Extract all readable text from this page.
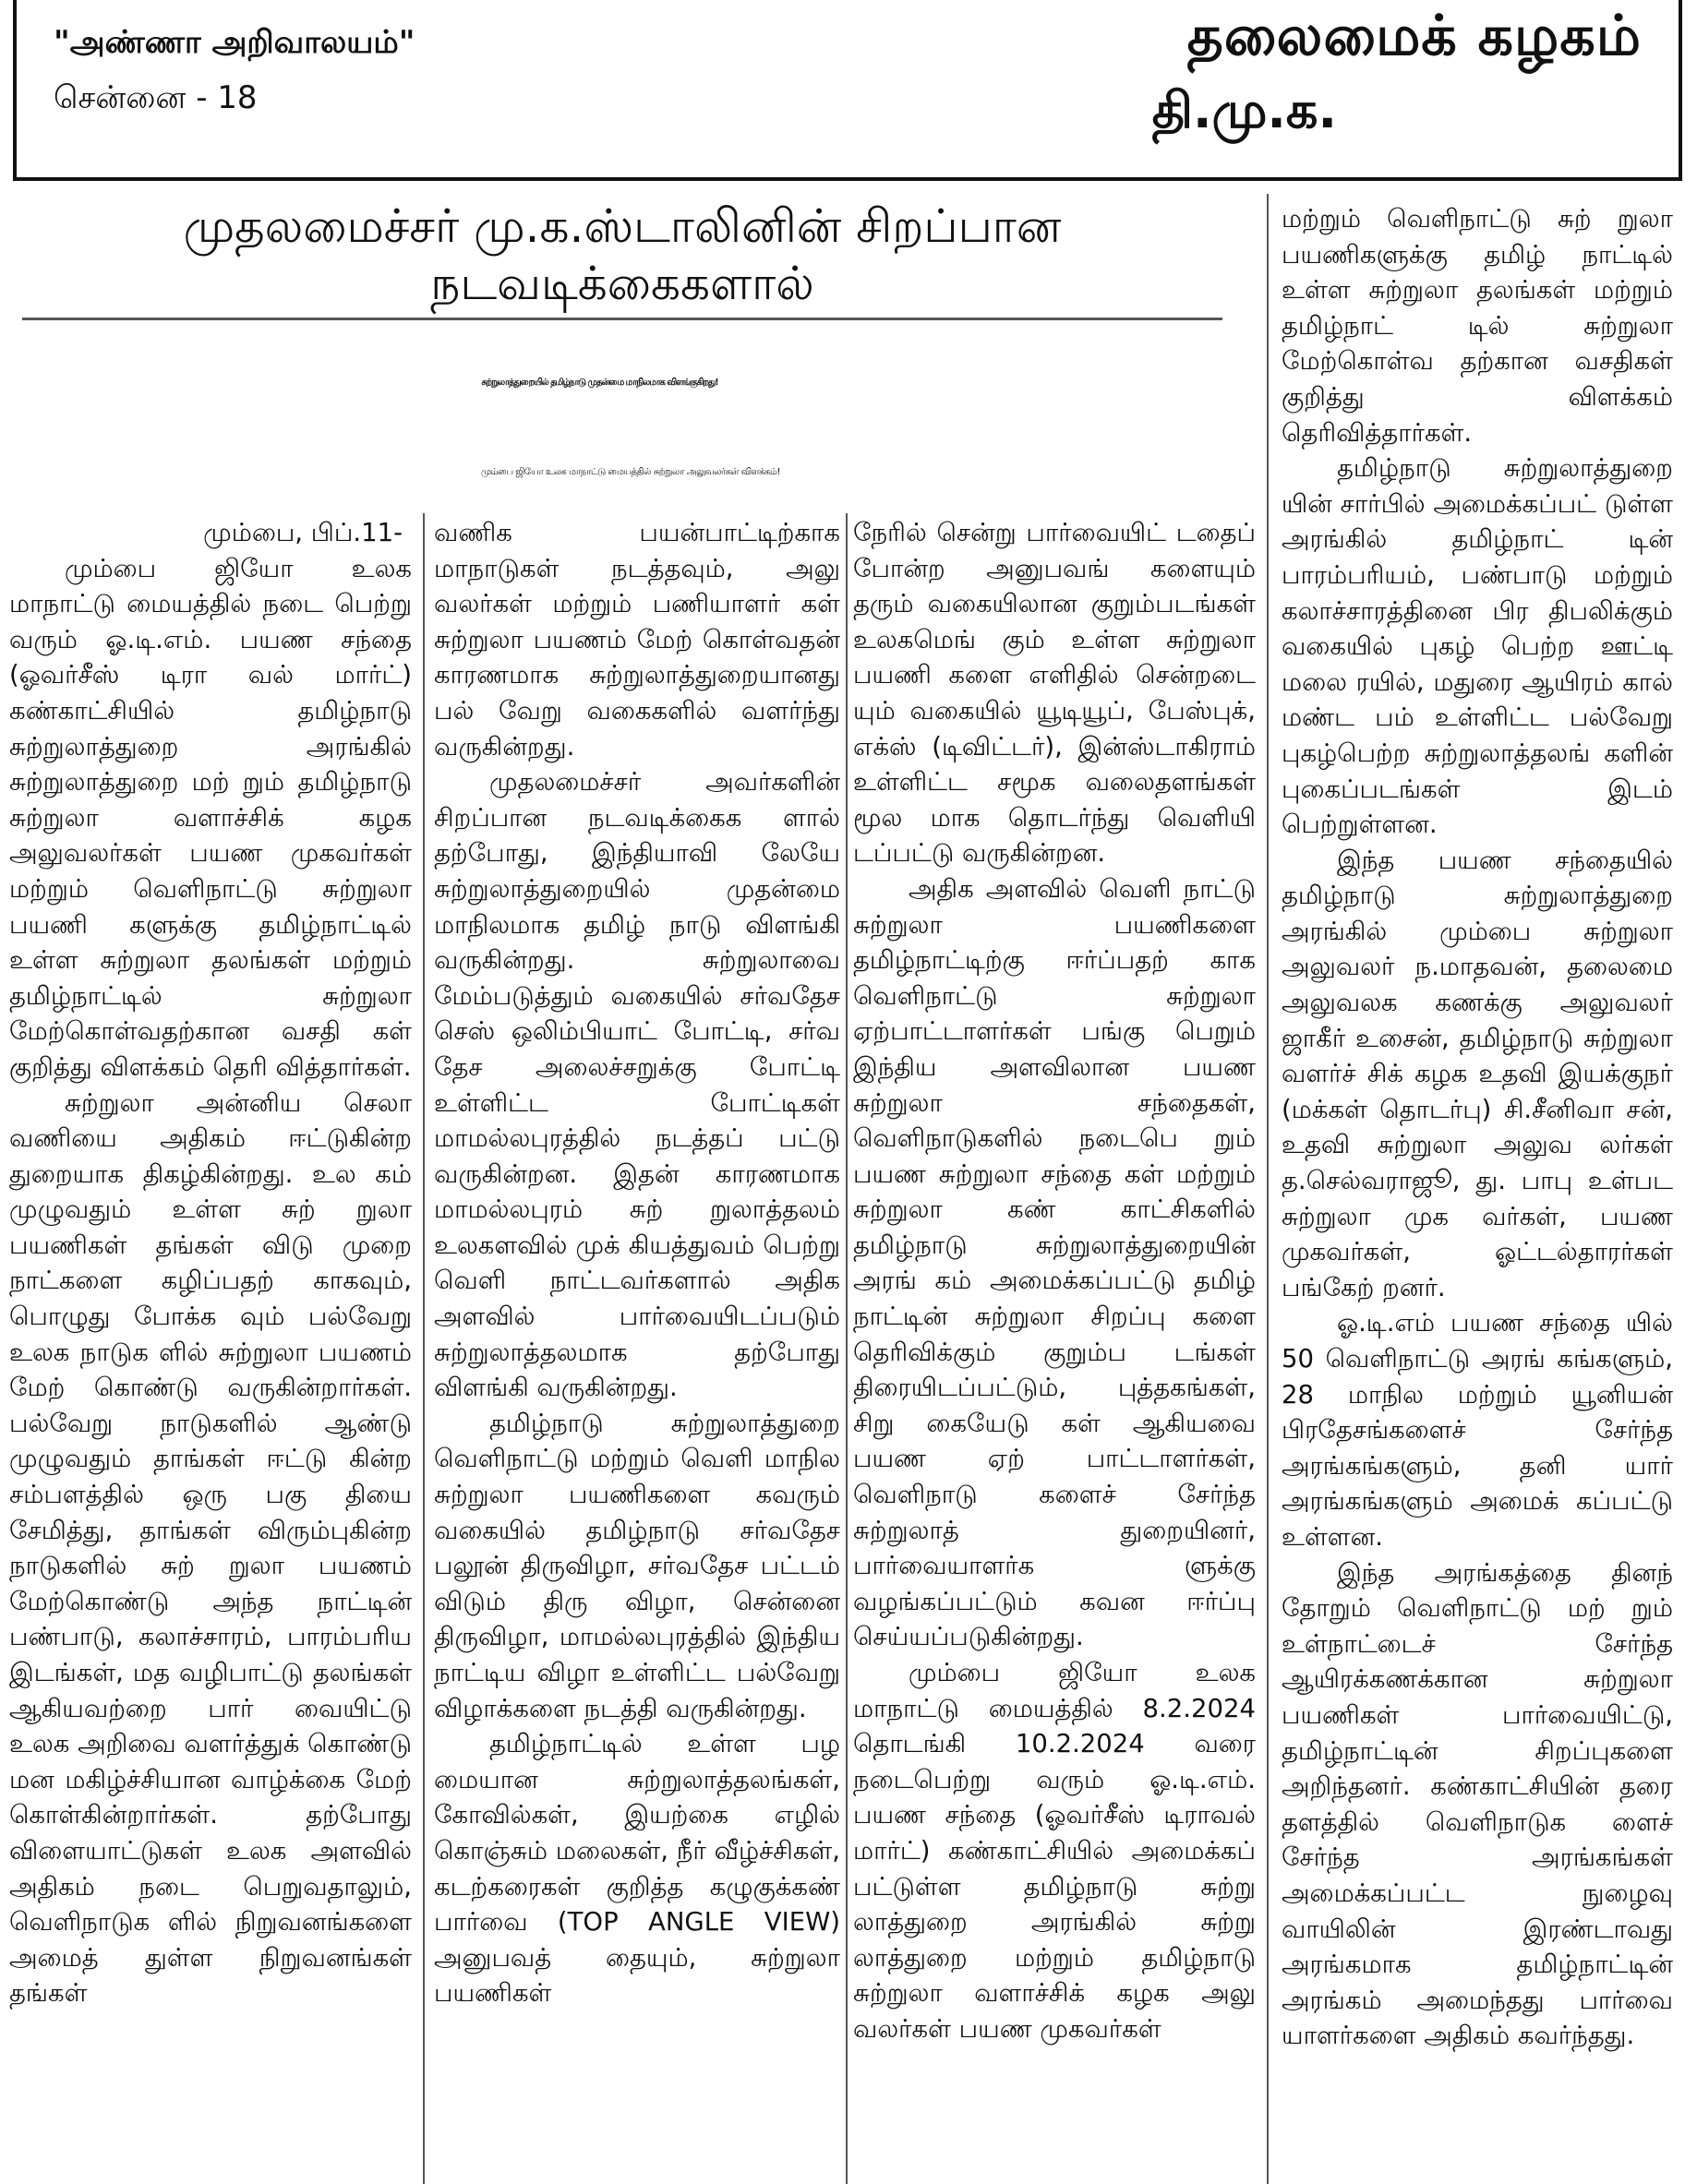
"அண்ணா அறிவாலயம்"
சென்னை - 18
தலைமைக் கழகம்
தி.மு.க.
முதலமைச்சர் மு.க.ஸ்டாலினின் சிறப்பான நடவடிக்கைகளால்
சுற்றுலாத்துறையில் தமிழ்நாடு முதன்மை மாநிலமாக விளங்குகிறது!
மும்பை ஜியோ உலக மாநாட்டு மையத்தில் சுற்றுலா அலுவலர்கள் விளக்கம்!

மும்பை, பிப்.11-

மும்பை ஜியோ உலக மாநாட்டு மையத்தில் நடை பெற்று வரும் ஓ.டி.எம். பயண சந்தை (ஓவர்சீஸ் டிரா வல் மார்ட்) கண்காட்சியில் தமிழ்நாடு சுற்றுலாத்துறை அரங்கில் சுற்றுலாத்துறை மற் றும் தமிழ்நாடு சுற்றுலா வளாச்சிக் கழக அலுவலர்கள் பயண முகவர்கள் மற்றும் வெளிநாட்டு சுற்றுலா பயணி களுக்கு தமிழ்நாட்டில் உள்ள சுற்றுலா தலங்கள் மற்றும் தமிழ்நாட்டில் சுற்றுலா மேற்கொள்வதற்கான வசதி கள் குறித்து விளக்கம் தெரி வித்தார்கள்.

சுற்றுலா அன்னிய செலா வணியை அதிகம் ஈட்டுகின்ற துறையாக திகழ்கின்றது. உல கம் முழுவதும் உள்ள சுற் றுலா பயணிகள் தங்கள் விடு முறை நாட்களை கழிப்பதற் காகவும், பொழுது போக்க வும் பல்வேறு உலக நாடுக ளில் சுற்றுலா பயணம் மேற் கொண்டு வருகின்றார்கள். பல்வேறு நாடுகளில் ஆண்டு முழுவதும் தாங்கள் ஈட்டு கின்ற சம்பளத்தில் ஒரு பகு தியை சேமித்து, தாங்கள் விரும்புகின்ற நாடுகளில் சுற் றுலா பயணம் மேற்கொண்டு அந்த நாட்டின் பண்பாடு, கலாச்சாரம், பாரம்பரிய இடங்கள், மத வழிபாட்டு தலங்கள் ஆகியவற்றை பார் வையிட்டு உலக அறிவை வளர்த்துக் கொண்டு மன மகிழ்ச்சியான வாழ்க்கை மேற் கொள்கின்றார்கள். தற்போது விளையாட்டுகள் உலக அளவில் அதிகம் நடை பெறுவதாலும், வெளிநாடுக ளில் நிறுவனங்களை அமைத் துள்ள நிறுவனங்கள் தங்கள்

வணிக பயன்பாட்டிற்காக மாநாடுகள் நடத்தவும், அலு வலர்கள் மற்றும் பணியாளர் கள் சுற்றுலா பயணம் மேற் கொள்வதன் காரணமாக சுற்றுலாத்துறையானது பல் வேறு வகைகளில் வளர்ந்து வருகின்றது.

முதலமைச்சர் அவர்களின் சிறப்பான நடவடிக்கைக ளால் தற்போது, இந்தியாவி லேயே சுற்றுலாத்துறையில் முதன்மை மாநிலமாக தமிழ் நாடு விளங்கி வருகின்றது. சுற்றுலாவை மேம்படுத்தும் வகையில் சர்வதேச செஸ் ஒலிம்பியாட் போட்டி, சர்வ தேச அலைச்சறுக்கு போட்டி உள்ளிட்ட போட்டிகள் மாமல்லபுரத்தில் நடத்தப் பட்டு வருகின்றன. இதன் காரணமாக மாமல்லபுரம் சுற் றுலாத்தலம் உலகளவில் முக் கியத்துவம் பெற்று வெளி நாட்டவர்களால் அதிக அளவில் பார்வையிடப்படும் சுற்றுலாத்தலமாக தற்போது விளங்கி வருகின்றது.

தமிழ்நாடு சுற்றுலாத்துறை வெளிநாட்டு மற்றும் வெளி மாநில சுற்றுலா பயணிகளை கவரும் வகையில் தமிழ்நாடு சர்வதேச பலூன் திருவிழா, சர்வதேச பட்டம் விடும் திரு விழா, சென்னை திருவிழா, மாமல்லபுரத்தில் இந்திய நாட்டிய விழா உள்ளிட்ட பல்வேறு விழாக்களை நடத்தி வருகின்றது.

தமிழ்நாட்டில் உள்ள பழ மையான சுற்றுலாத்தலங்கள், கோவில்கள், இயற்கை எழில் கொஞ்சும் மலைகள், நீர் வீழ்ச்சிகள், கடற்கரைகள் குறித்த கழுகுக்கண் பார்வை (TOP ANGLE VIEW) அனுபவத் தையும், சுற்றுலா பயணிகள்

நேரில் சென்று பார்வையிட் டதைப் போன்ற அனுபவங் களையும் தரும் வகையிலான குறும்படங்கள் உலகமெங் கும் உள்ள சுற்றுலா பயணி களை எளிதில் சென்றடை யும் வகையில் யூடியூப், பேஸ்புக், எக்ஸ் (டிவிட்டர்), இன்ஸ்டாகிராம் உள்ளிட்ட சமூக வலைதளங்கள் மூல மாக தொடர்ந்து வெளியி டப்பட்டு வருகின்றன.

அதிக அளவில் வெளி நாட்டு சுற்றுலா பயணிகளை தமிழ்நாட்டிற்கு ஈர்ப்பதற் காக வெளிநாட்டு சுற்றுலா ஏற்பாட்டாளர்கள் பங்கு பெறும் இந்திய அளவிலான பயண சுற்றுலா சந்தைகள், வெளிநாடுகளில் நடைபெ றும் பயண சுற்றுலா சந்தை கள் மற்றும் சுற்றுலா கண் காட்சிகளில் தமிழ்நாடு சுற்றுலாத்துறையின் அரங் கம் அமைக்கப்பட்டு தமிழ் நாட்டின் சுற்றுலா சிறப்பு களை தெரிவிக்கும் குறும்ப டங்கள் திரையிடப்பட்டும், புத்தகங்கள், சிறு கையேடு கள் ஆகியவை பயண ஏற் பாட்டாளர்கள், வெளிநாடு களைச் சேர்ந்த சுற்றுலாத் துறையினர், பார்வையாளர்க ளுக்கு வழங்கப்பட்டும் கவன ஈர்ப்பு செய்யப்படுகின்றது.

மும்பை ஜியோ உலக மாநாட்டு மையத்தில் 8.2.2024 தொடங்கி 10.2.2024 வரை நடைபெற்று வரும் ஓ.டி.எம். பயண சந்தை (ஓவர்சீஸ் டிராவல் மார்ட்) கண்காட்சியில் அமைக்கப் பட்டுள்ள தமிழ்நாடு சுற்று லாத்துறை அரங்கில் சுற்று லாத்துறை மற்றும் தமிழ்நாடு சுற்றுலா வளாச்சிக் கழக அலு வலர்கள் பயண முகவர்கள்

மற்றும் வெளிநாட்டு சுற் றுலா பயணிகளுக்கு தமிழ் நாட்டில் உள்ள சுற்றுலா தலங்கள் மற்றும் தமிழ்நாட் டில் சுற்றுலா மேற்கொள்வ தற்கான வசதிகள் குறித்து விளக்கம் தெரிவித்தார்கள்.

தமிழ்நாடு சுற்றுலாத்துறை யின் சார்பில் அமைக்கப்பட் டுள்ள அரங்கில் தமிழ்நாட் டின் பாரம்பரியம், பண்பாடு மற்றும் கலாச்சாரத்தினை பிர திபலிக்கும் வகையில் புகழ் பெற்ற ஊட்டி மலை ரயில், மதுரை ஆயிரம் கால் மண்ட பம் உள்ளிட்ட பல்வேறு புகழ்பெற்ற சுற்றுலாத்தலங் களின் புகைப்படங்கள் இடம் பெற்றுள்ளன.

இந்த பயண சந்தையில் தமிழ்நாடு சுற்றுலாத்துறை அரங்கில் மும்பை சுற்றுலா அலுவலர் ந.மாதவன், தலைமை அலுவலக கணக்கு அலுவலர் ஜாகீர் உசைன், தமிழ்நாடு சுற்றுலா வளர்ச் சிக் கழக உதவி இயக்குநர் (மக்கள் தொடர்பு) சி.சீனிவா சன், உதவி சுற்றுலா அலுவ லர்கள் த.செல்வராஜூ, து. பாபு உள்பட சுற்றுலா முக வர்கள், பயண முகவர்கள், ஓட்டல்தாரர்கள் பங்கேற் றனர்.

ஓ.டி.எம் பயண சந்தை யில் 50 வெளிநாட்டு அரங் கங்களும், 28 மாநில மற்றும் யூனியன் பிரதேசங்களைச் சேர்ந்த அரங்கங்களும், தனி யார் அரங்கங்களும் அமைக் கப்பட்டு உள்ளன.

இந்த அரங்கத்தை தினந் தோறும் வெளிநாட்டு மற் றும் உள்நாட்டைச் சேர்ந்த ஆயிரக்கணக்கான சுற்றுலா பயணிகள் பார்வையிட்டு, தமிழ்நாட்டின் சிறப்புகளை அறிந்தனர். கண்காட்சியின் தரை தளத்தில் வெளிநாடுக ளைச் சேர்ந்த அரங்கங்கள் அமைக்கப்பட்ட நுழைவு வாயிலின் இரண்டாவது அரங்கமாக தமிழ்நாட்டின் அரங்கம் அமைந்தது பார்வை யாளர்களை அதிகம் கவர்ந்தது.
